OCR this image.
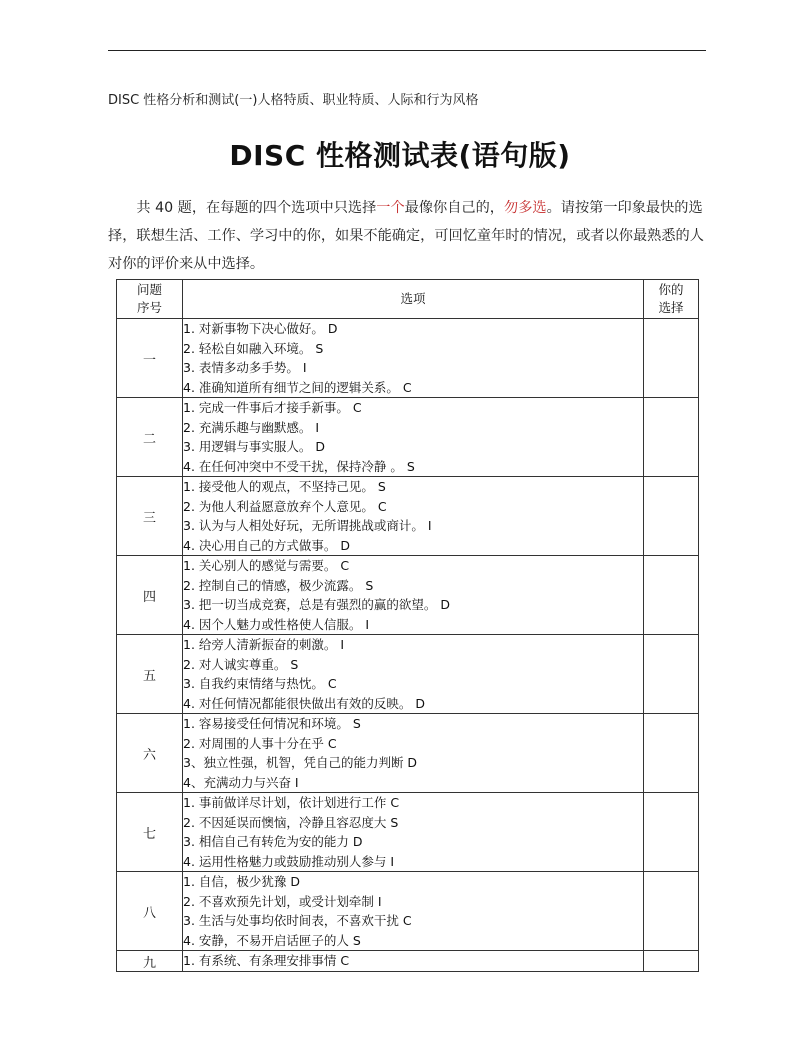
DISC 性格分析和测试(一)人格特质、职业特质、人际和行为风格
DISC 性格测试表(语句版)

共 40 题，在每题的四个选项中只选择一个最像你自己的，勿多选。请按第一印象最快的选择，联想生活、工作、学习中的你，如果不能确定，可回忆童年时的情况，或者以你最熟悉的人对你的评价来从中选择。

问题
序号	选项	你的
选择
一	1. 对新事物下决心做好。 D
2. 轻松自如融入环境。 S
3. 表情多动多手势。 I
4. 准确知道所有细节之间的逻辑关系。 C	

二	1. 完成一件事后才接手新事。 C
2. 充满乐趣与幽默感。 I
3. 用逻辑与事实服人。 D
4. 在任何冲突中不受干扰，保持冷静 。 S	

三	1. 接受他人的观点，不坚持己见。 S
2. 为他人利益愿意放弃个人意见。 C
3. 认为与人相处好玩，无所谓挑战或商计。 I
4. 决心用自己的方式做事。 D	

四	1. 关心别人的感觉与需要。 C
2. 控制自己的情感，极少流露。 S
3. 把一切当成竞赛，总是有强烈的赢的欲望。 D
4. 因个人魅力或性格使人信服。 I	

五	1. 给旁人清新振奋的刺激。 I
2. 对人诚实尊重。 S
3. 自我约束情绪与热忱。 C
4. 对任何情况都能很快做出有效的反映。 D	

六	1. 容易接受任何情况和环境。 S
2. 对周围的人事十分在乎 C
3、独立性强，机智，凭自己的能力判断 D
4、充满动力与兴奋 I	

七	1. 事前做详尽计划，依计划进行工作 C
2. 不因延误而懊恼，冷静且容忍度大 S
3. 相信自己有转危为安的能力 D
4. 运用性格魅力或鼓励推动别人参与 I	

八	1. 自信，极少犹豫 D
2. 不喜欢预先计划，或受计划牵制 I
3. 生活与处事均依时间表，不喜欢干扰 C
4. 安静，不易开启话匣子的人 S	

九	1. 有系统、有条理安排事情 C	
